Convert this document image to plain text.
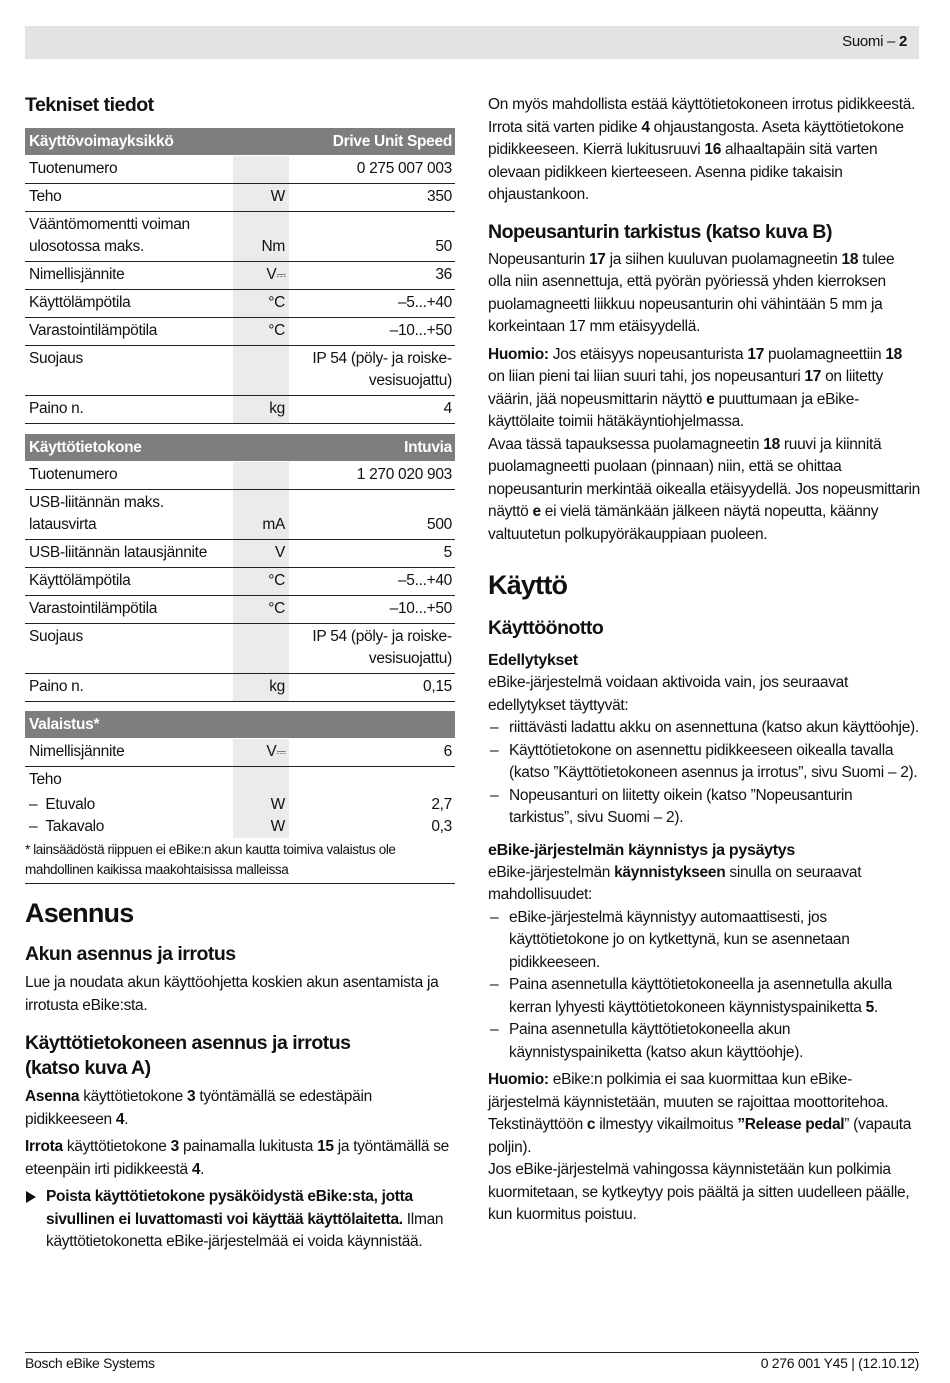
Suomi – 2
Tekniset tiedot
Käyttövoimayksikkö		Drive Unit Speed
Tuotenumero		0 275 007 003
Teho	W	350
Vääntömomentti voiman ulosotossa maks.	Nm	50
Nimellisjännite	V⎓	36
Käyttölämpötila	°C	–5...+40
Varastointilämpötila	°C	–10...+50
Suojaus		IP 54 (pöly- ja roiskevesisuojattu)
Paino n.	kg	4

Käyttötietokone		Intuvia
Tuotenumero		1 270 020 903
USB-liitännän maks. latausvirta	mA	500
USB-liitännän latausjännite	V	5
Käyttölämpötila	°C	–5...+40
Varastointilämpötila	°C	–10...+50
Suojaus		IP 54 (pöly- ja roiskevesisuojattu)
Paino n.	kg	0,15

Valaistus*		
Nimellisjännite	V⎓	6
Teho		
–  Etuvalo	W	2,7
–  Takavalo	W	0,3
* lainsäädöstä riippuen ei eBike:n akun kautta toimiva valaistus ole mahdollinen kaikissa maakohtaisissa malleissa
Asennus
Akun asennus ja irrotus

Lue ja noudata akun käyttöohjetta koskien akun asentamista ja irrotusta eBike:sta.

Käyttötietokoneen asennus ja irrotus
(katso kuva A)

Asenna käyttötietokone 3 työntämällä se edestäpäin pidikkeeseen 4.

Irrota käyttötietokone 3 painamalla lukitusta 15 ja työntämällä se eteenpäin irti pidikkeestä 4.

Poista käyttötietokone pysäköidystä eBike:sta, jotta sivullinen ei luvattomasti voi käyttää käyttölaitetta. Ilman käyttötietokonetta eBike-järjestelmää ei voida käynnistää.

On myös mahdollista estää käyttötietokoneen irrotus pidikkeestä. Irrota sitä varten pidike 4 ohjaustangosta. Aseta käyttötietokone pidikkeeseen. Kierrä lukitusruuvi 16 alhaaltapäin sitä varten olevaan pidikkeen kierteeseen. Asenna pidike takaisin ohjaustankoon.

Nopeusanturin tarkistus (katso kuva B)

Nopeusanturin 17 ja siihen kuuluvan puolamagneetin 18 tulee olla niin asennettuja, että pyörän pyöriessä yhden kierroksen puolamagneetti liikkuu nopeusanturin ohi vähintään 5 mm ja korkeintaan 17 mm etäisyydellä.

Huomio: Jos etäisyys nopeusanturista 17 puolamagneettiin 18 on liian pieni tai liian suuri tahi, jos nopeusanturi 17 on liitetty väärin, jää nopeusmittarin näyttö e puuttumaan ja eBike-käyttölaite toimii hätäkäyntiohjelmassa.

Avaa tässä tapauksessa puolamagneetin 18 ruuvi ja kiinnitä puolamagneetti puolaan (pinnaan) niin, että se ohittaa nopeusanturin merkintää oikealla etäisyydellä. Jos nopeusmittarin näyttö e ei vielä tämänkään jälkeen näytä nopeutta, käänny valtuutetun polkupyöräkauppiaan puoleen.

Käyttö
Käyttöönotto
Edellytykset

eBike-järjestelmä voidaan aktivoida vain, jos seuraavat edellytykset täyttyvät:

– riittävästi ladattu akku on asennettuna (katso akun käyttöohje).
– Käyttötietokone on asennettu pidikkeeseen oikealla tavalla (katso ”Käyttötietokoneen asennus ja irrotus”, sivu Suomi – 2).
– Nopeusanturi on liitetty oikein (katso ”Nopeusanturin tarkistus”, sivu Suomi – 2).
eBike-järjestelmän käynnistys ja pysäytys

eBike-järjestelmän käynnistykseen sinulla on seuraavat mahdollisuudet:

– eBike-järjestelmä käynnistyy automaattisesti, jos käyttötietokone jo on kytkettynä, kun se asennetaan pidikkeeseen.
– Paina asennetulla käyttötietokoneella ja asennetulla akulla kerran lyhyesti käyttötietokoneen käynnistyspainiketta 5.
– Paina asennetulla käyttötietokoneella akun käynnistyspainiketta (katso akun käyttöohje).

Huomio: eBike:n polkimia ei saa kuormittaa kun eBike-järjestelmä käynnistetään, muuten se rajoittaa moottoritehoa. Tekstinäyttöön c ilmestyy vikailmoitus ”Release pedal” (vapauta poljin).

Jos eBike-järjestelmä vahingossa käynnistetään kun polkimia kuormitetaan, se kytkeytyy pois päältä ja sitten uudelleen päälle, kun kuormitus poistuu.

Bosch eBike Systems	0 276 001 Y45 | (12.10.12)
